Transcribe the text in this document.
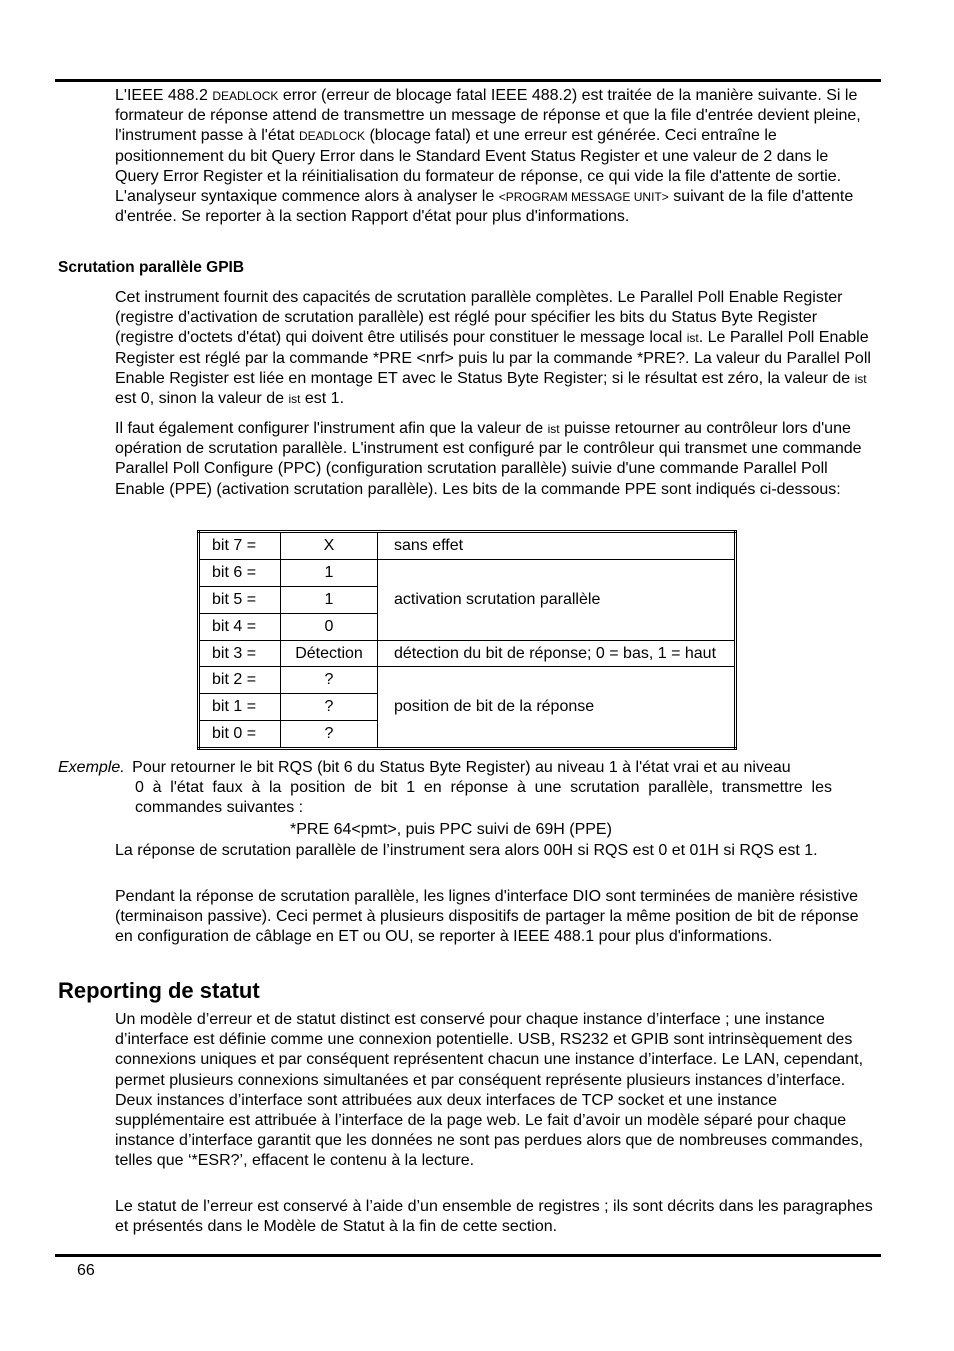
L'IEEE 488.2 DEADLOCK error (erreur de blocage fatal IEEE 488.2) est traitée de la manière suivante. Si le formateur de réponse attend de transmettre un message de réponse et que la file d'entrée devient pleine, l'instrument passe à l'état DEADLOCK (blocage fatal) et une erreur est générée. Ceci entraîne le positionnement du bit Query Error dans le Standard Event Status Register et une valeur de 2 dans le Query Error Register et la réinitialisation du formateur de réponse, ce qui vide la file d'attente de sortie. L'analyseur syntaxique commence alors à analyser le <PROGRAM MESSAGE UNIT> suivant de la file d'attente d'entrée. Se reporter à la section Rapport d'état pour plus d'informations.

Scrutation parallèle GPIB

Cet instrument fournit des capacités de scrutation parallèle complètes. Le Parallel Poll Enable Register (registre d'activation de scrutation parallèle) est réglé pour spécifier les bits du Status Byte Register (registre d'octets d'état) qui doivent être utilisés pour constituer le message local ist. Le Parallel Poll Enable Register est réglé par la commande *PRE <nrf> puis lu par la commande *PRE?. La valeur du Parallel Poll Enable Register est liée en montage ET avec le Status Byte Register; si le résultat est zéro, la valeur de ist est 0, sinon la valeur de ist est 1.

Il faut également configurer l'instrument afin que la valeur de ist puisse retourner au contrôleur lors d'une opération de scrutation parallèle. L'instrument est configuré par le contrôleur qui transmet une commande Parallel Poll Configure (PPC) (configuration scrutation parallèle) suivie d'une commande Parallel Poll Enable (PPE) (activation scrutation parallèle). Les bits de la commande PPE sont indiqués ci-dessous:

bit 7 =	X	sans effet
bit 6 =	1	activation scrutation parallèle
bit 5 =	1	
bit 4 =	0	
bit 3 =	Détection	détection du bit de réponse; 0 = bas, 1 = haut
bit 2 =	?	position de bit de la réponse
bit 1 =	?	
bit 0 =	?	
Exemple. Pour retourner le bit RQS (bit 6 du Status Byte Register) au niveau 1 à l'état vrai et au niveau
0 à l'état faux à la position de bit 1 en réponse à une scrutation parallèle, transmettre les commandes suivantes :
*PRE 64<pmt>, puis PPC suivi de 69H (PPE)

La réponse de scrutation parallèle de l’instrument sera alors 00H si RQS est 0 et 01H si RQS est 1.

Pendant la réponse de scrutation parallèle, les lignes d'interface DIO sont terminées de manière résistive (terminaison passive). Ceci permet à plusieurs dispositifs de partager la même position de bit de réponse en configuration de câblage en ET ou OU, se reporter à IEEE 488.1 pour plus d'informations.

Reporting de statut

Un modèle d’erreur et de statut distinct est conservé pour chaque instance d’interface ; une instance d’interface est définie comme une connexion potentielle. USB, RS232 et GPIB sont intrinsèquement des connexions uniques et par conséquent représentent chacun une instance d’interface. Le LAN, cependant, permet plusieurs connexions simultanées et par conséquent représente plusieurs instances d’interface. Deux instances d’interface sont attribuées aux deux interfaces de TCP socket et une instance supplémentaire est attribuée à l’interface de la page web. Le fait d’avoir un modèle séparé pour chaque instance d’interface garantit que les données ne sont pas perdues alors que de nombreuses commandes, telles que ‘*ESR?’, effacent le contenu à la lecture.

Le statut de l’erreur est conservé à l’aide d’un ensemble de registres ; ils sont décrits dans les paragraphes et présentés dans le Modèle de Statut à la fin de cette section.

66
